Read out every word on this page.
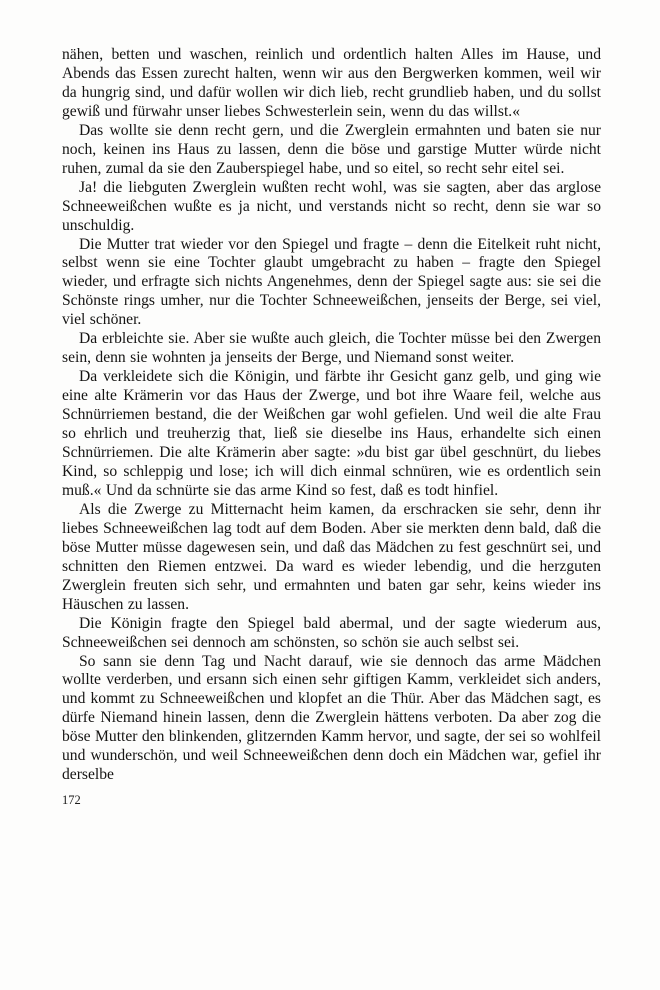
nähen, betten und waschen, reinlich und ordentlich halten Alles im Hause, und Abends das Essen zurecht halten, wenn wir aus den Bergwerken kommen, weil wir da hungrig sind, und dafür wollen wir dich lieb, recht grundlieb haben, und du sollst gewiß und fürwahr unser liebes Schwesterlein sein, wenn du das willst.«

Das wollte sie denn recht gern, und die Zwerglein ermahnten und baten sie nur noch, keinen ins Haus zu lassen, denn die böse und garstige Mutter würde nicht ruhen, zumal da sie den Zauberspiegel habe, und so eitel, so recht sehr eitel sei.

Ja! die liebguten Zwerglein wußten recht wohl, was sie sagten, aber das arglose Schneeweißchen wußte es ja nicht, und verstands nicht so recht, denn sie war so unschuldig.

Die Mutter trat wieder vor den Spiegel und fragte – denn die Eitelkeit ruht nicht, selbst wenn sie eine Tochter glaubt umgebracht zu haben – fragte den Spiegel wieder, und erfragte sich nichts Angenehmes, denn der Spiegel sagte aus: sie sei die Schönste rings umher, nur die Tochter Schneeweißchen, jenseits der Berge, sei viel, viel schöner.

Da erbleichte sie. Aber sie wußte auch gleich, die Tochter müsse bei den Zwergen sein, denn sie wohnten ja jenseits der Berge, und Niemand sonst weiter.

Da verkleidete sich die Königin, und färbte ihr Gesicht ganz gelb, und ging wie eine alte Krämerin vor das Haus der Zwerge, und bot ihre Waare feil, welche aus Schnürriemen bestand, die der Weißchen gar wohl gefielen. Und weil die alte Frau so ehrlich und treuherzig that, ließ sie dieselbe ins Haus, erhandelte sich einen Schnürriemen. Die alte Krämerin aber sagte: »du bist gar übel geschnürt, du liebes Kind, so schleppig und lose; ich will dich einmal schnüren, wie es ordentlich sein muß.« Und da schnürte sie das arme Kind so fest, daß es todt hinfiel.

Als die Zwerge zu Mitternacht heim kamen, da erschracken sie sehr, denn ihr liebes Schneeweißchen lag todt auf dem Boden. Aber sie merkten denn bald, daß die böse Mutter müsse dagewesen sein, und daß das Mädchen zu fest geschnürt sei, und schnitten den Riemen entzwei. Da ward es wieder lebendig, und die herzguten Zwerglein freuten sich sehr, und ermahnten und baten gar sehr, keins wieder ins Häuschen zu lassen.

Die Königin fragte den Spiegel bald abermal, und der sagte wiederum aus, Schneeweißchen sei dennoch am schönsten, so schön sie auch selbst sei.

So sann sie denn Tag und Nacht darauf, wie sie dennoch das arme Mädchen wollte verderben, und ersann sich einen sehr giftigen Kamm, verkleidet sich anders, und kommt zu Schneeweißchen und klopfet an die Thür. Aber das Mädchen sagt, es dürfe Niemand hinein lassen, denn die Zwerglein hättens verboten. Da aber zog die böse Mutter den blinkenden, glitzernden Kamm hervor, und sagte, der sei so wohlfeil und wunderschön, und weil Schneeweißchen denn doch ein Mädchen war, gefiel ihr derselbe

172
